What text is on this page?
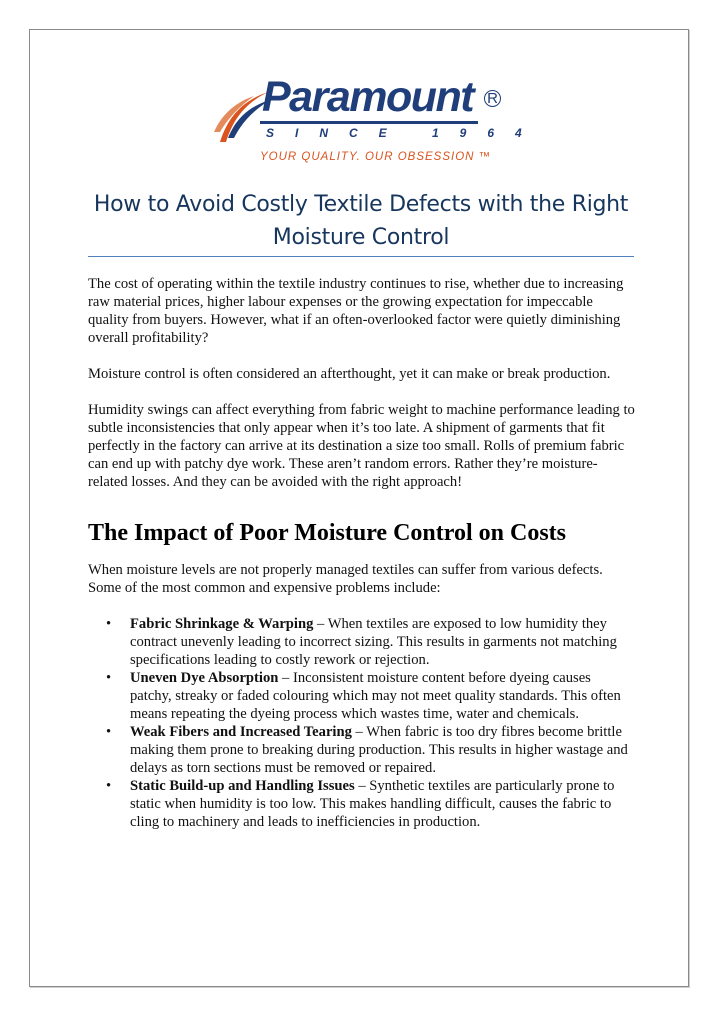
Paramount R
SINCE 1964
YOUR QUALITY. OUR OBSESSION ™
How to Avoid Costly Textile Defects with the Right Moisture Control

The cost of operating within the textile industry continues to rise, whether due to increasing raw material prices, higher labour expenses or the growing expectation for impeccable quality from buyers. However, what if an often-overlooked factor were quietly diminishing overall profitability?

Moisture control is often considered an afterthought, yet it can make or break production.

Humidity swings can affect everything from fabric weight to machine performance leading to subtle inconsistencies that only appear when it’s too late. A shipment of garments that fit perfectly in the factory can arrive at its destination a size too small. Rolls of premium fabric can end up with patchy dye work. These aren’t random errors. Rather they’re moisture-related losses. And they can be avoided with the right approach!

The Impact of Poor Moisture Control on Costs

When moisture levels are not properly managed textiles can suffer from various defects. Some of the most common and expensive problems include:

• Fabric Shrinkage & Warping – When textiles are exposed to low humidity they contract unevenly leading to incorrect sizing. This results in garments not matching specifications leading to costly rework or rejection.
• Uneven Dye Absorption – Inconsistent moisture content before dyeing causes patchy, streaky or faded colouring which may not meet quality standards. This often means repeating the dyeing process which wastes time, water and chemicals.
• Weak Fibers and Increased Tearing – When fabric is too dry fibres become brittle making them prone to breaking during production. This results in higher wastage and delays as torn sections must be removed or repaired.
• Static Build-up and Handling Issues – Synthetic textiles are particularly prone to static when humidity is too low. This makes handling difficult, causes the fabric to cling to machinery and leads to inefficiencies in production.
